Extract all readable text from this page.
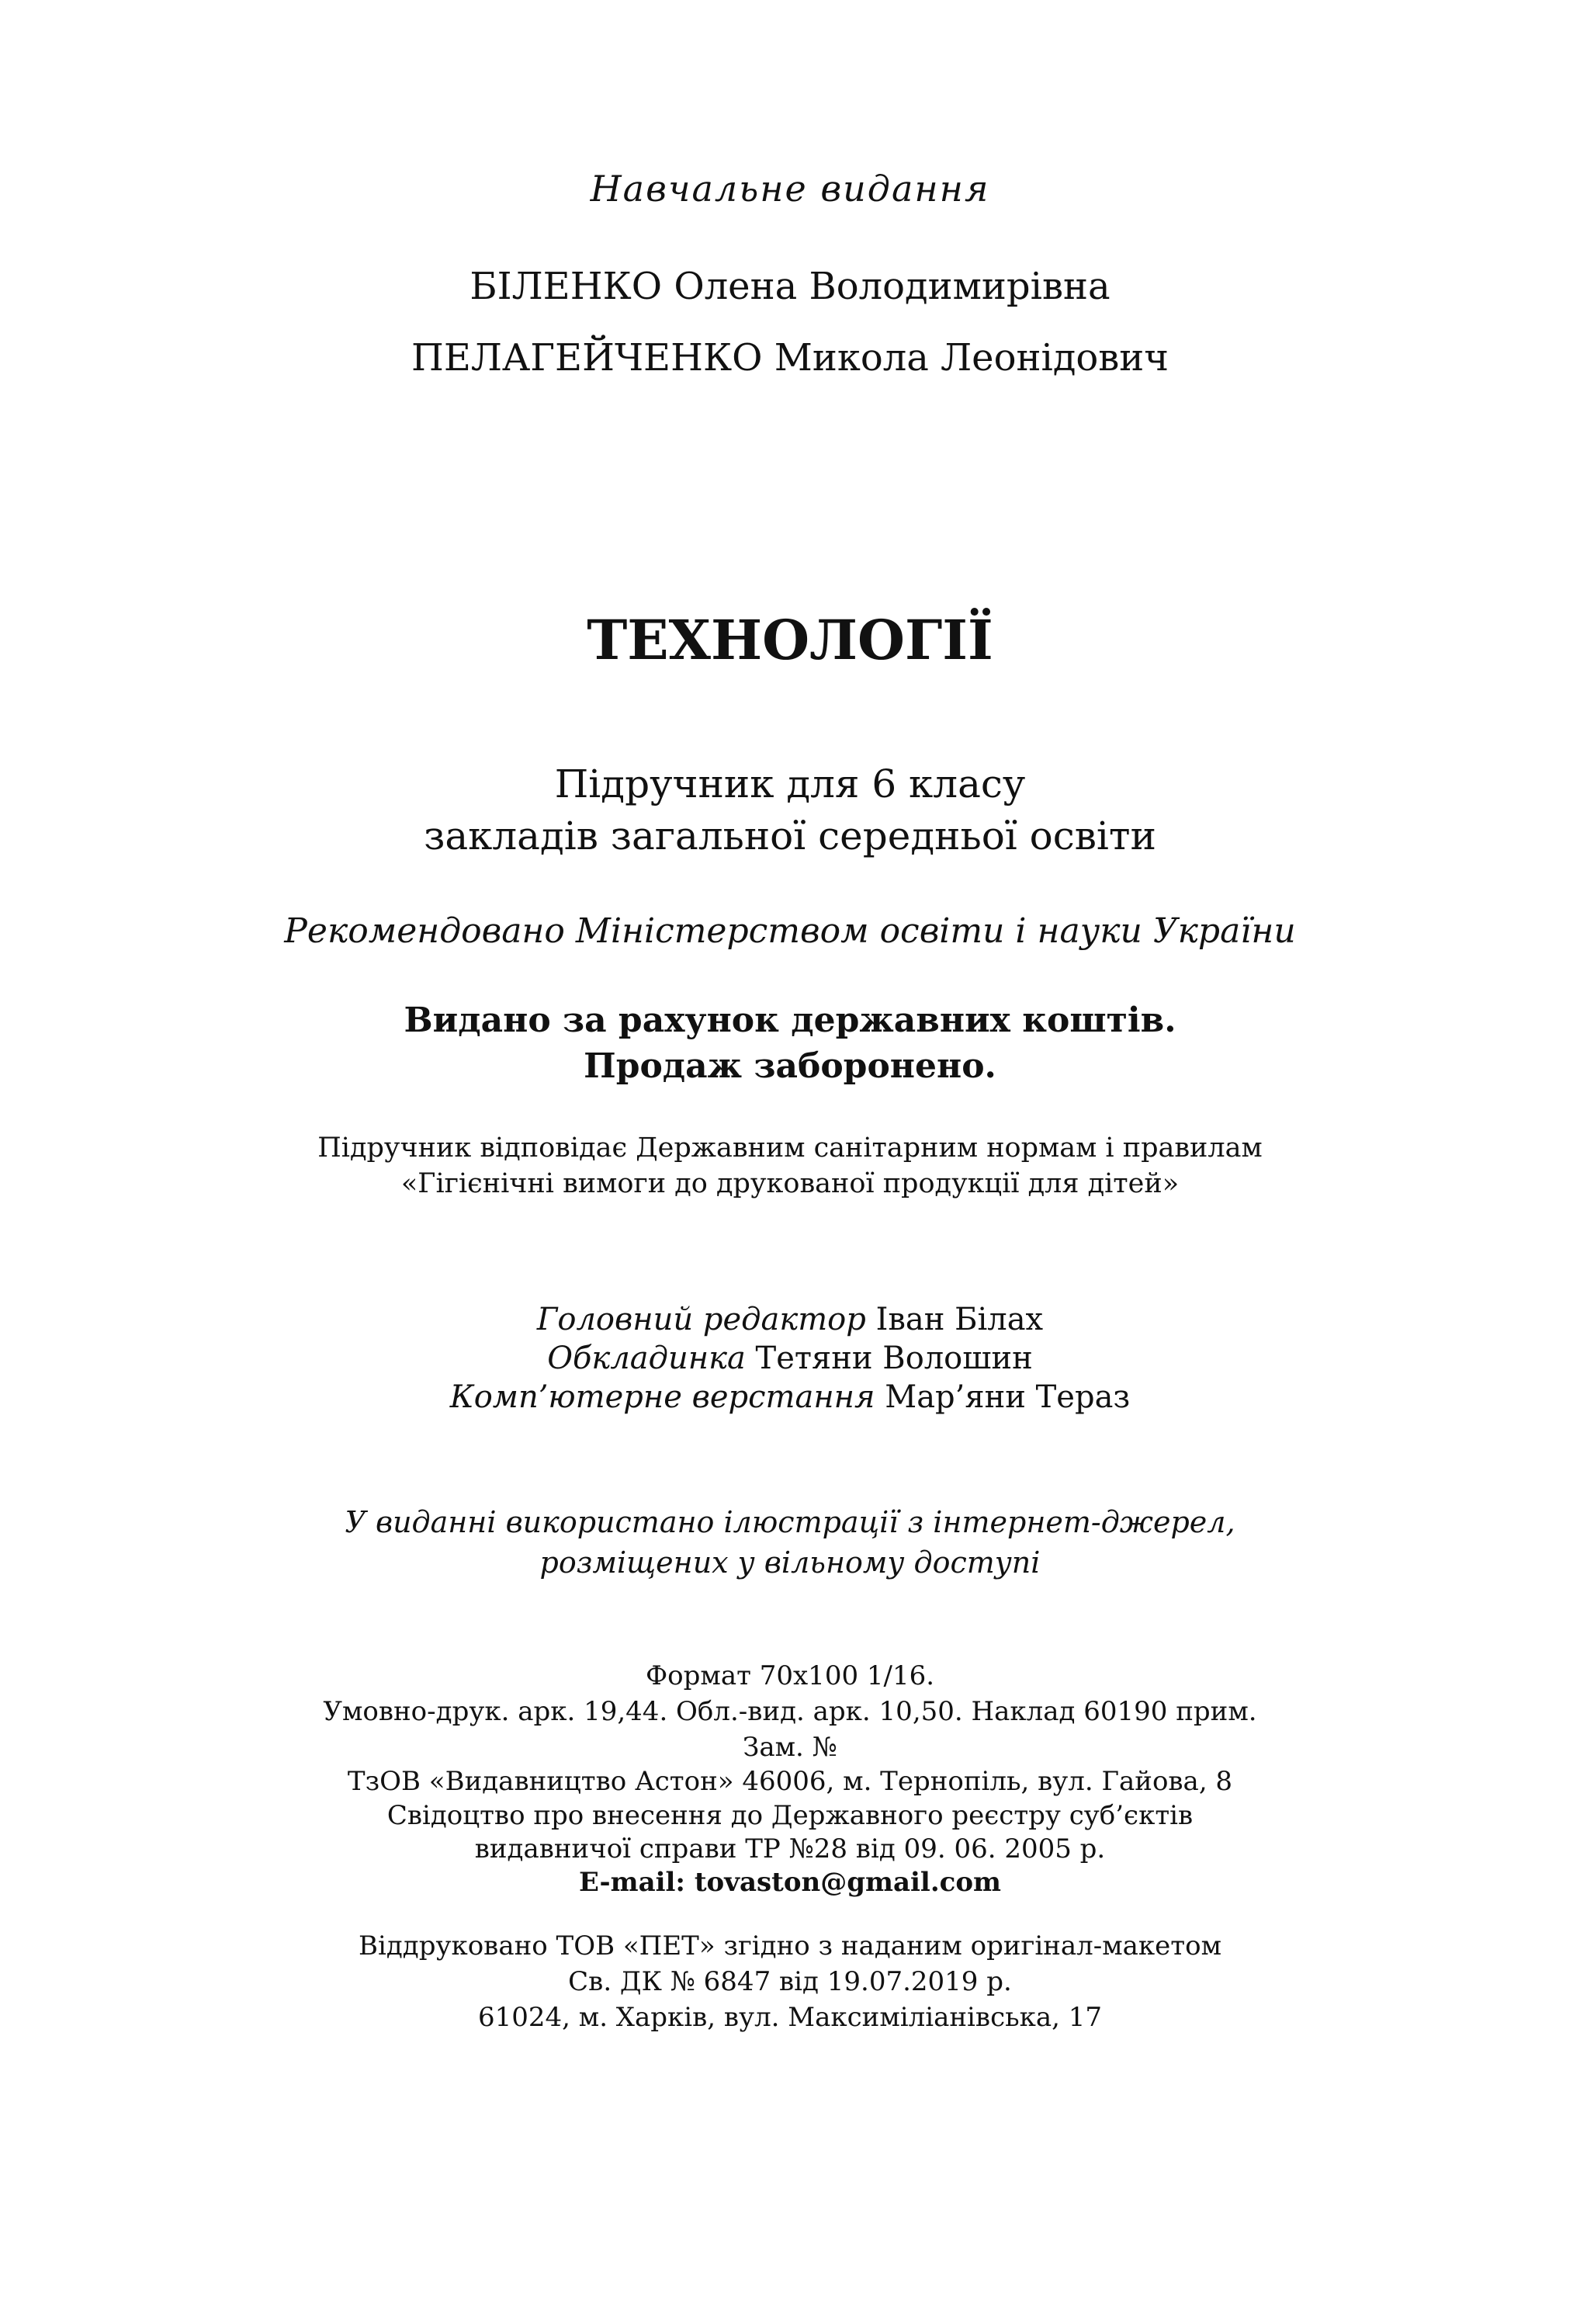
Навчальне видання
БІЛЕНКО Олена Володимирівна
ПЕЛАГЕЙЧЕНКО Микола Леонідович
ТЕХНОЛОГІЇ
Підручник для 6 класу
закладів загальної середньої освіти
Рекомендовано Міністерством освіти і науки України
Видано за рахунок державних коштів.
Продаж заборонено.
Підручник відповідає Державним санітарним нормам і правилам
«Гігієнічні вимоги до друкованої продукції для дітей»
Головний редактор Іван Білах
Обкладинка Тетяни Волошин
Комп’ютерне верстання Мар’яни Тераз
У виданні використано ілюстрації з інтернет-джерел,
розміщених у вільному доступі
Формат 70х100 1/16.
Умовно-друк. арк. 19,44. Обл.-вид. арк. 10,50. Наклад 60190 прим.
Зам. №
ТзОВ «Видавництво Астон» 46006, м. Тернопіль, вул. Гайова, 8
Свідоцтво про внесення до Державного реєстру суб’єктів
видавничої справи ТР №28 від 09. 06. 2005 р.
E-mail: tovaston@gmail.com
Віддруковано ТОВ «ПЕТ» згідно з наданим оригінал-макетом
Св. ДК № 6847 від 19.07.2019 р.
61024, м. Харків, вул. Максиміліанівська, 17
